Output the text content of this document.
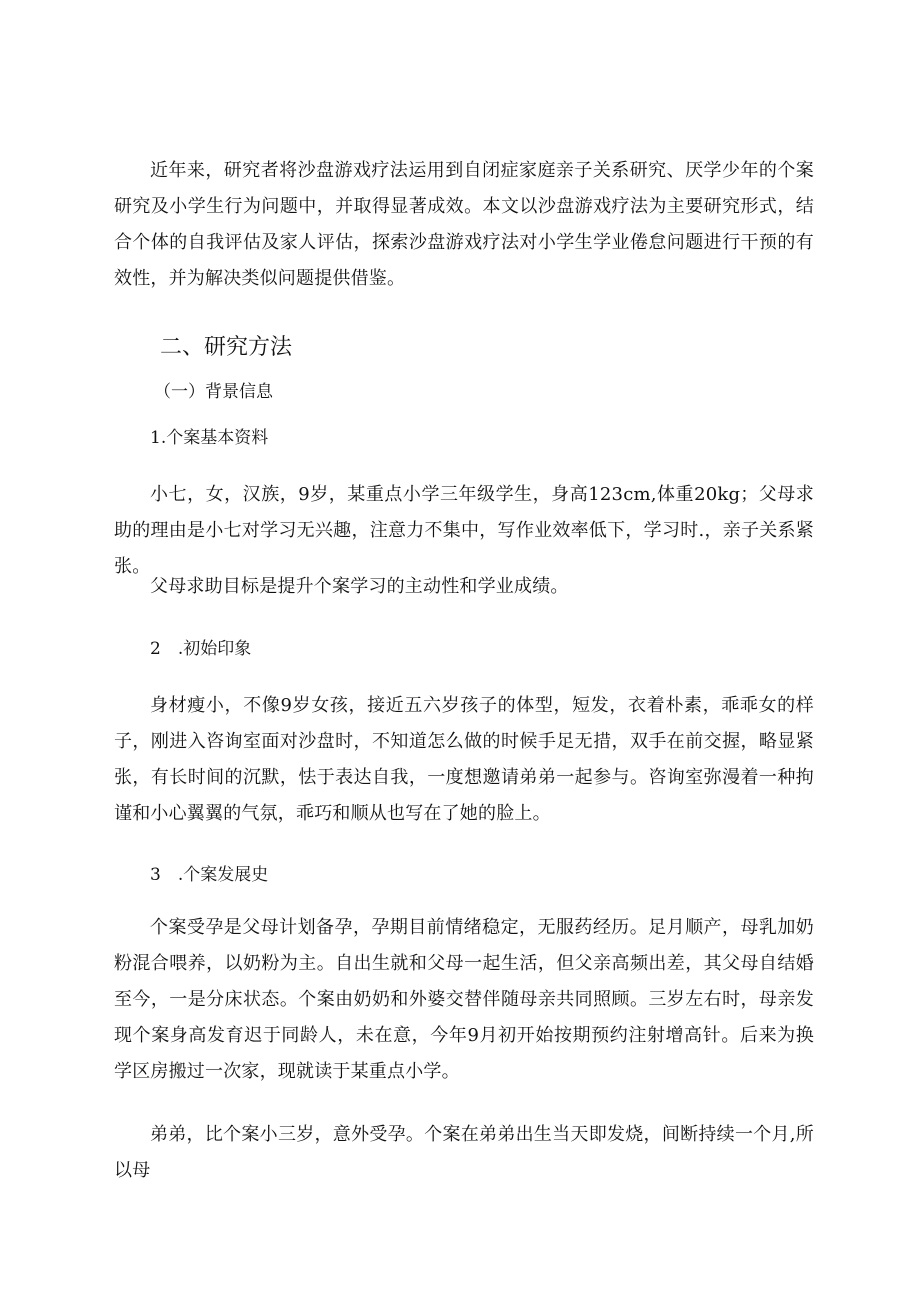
近年来，研究者将沙盘游戏疗法运用到自闭症家庭亲子关系研究、厌学少年的个案研究及小学生行为问题中，并取得显著成效。本文以沙盘游戏疗法为主要研究形式，结合个体的自我评估及家人评估，探索沙盘游戏疗法对小学生学业倦怠问题进行干预的有效性，并为解决类似问题提供借鉴。

二、研究方法
（一）背景信息
1.个案基本资料

小七，女，汉族，9岁，某重点小学三年级学生，身高123cm,体重20kg；父母求助的理由是小七对学习无兴趣，注意力不集中，写作业效率低下，学习时.，亲子关系紧张。

父母求助目标是提升个案学习的主动性和学业成绩。

2 .初始印象

身材瘦小，不像9岁女孩，接近五六岁孩子的体型，短发，衣着朴素，乖乖女的样子，刚进入咨询室面对沙盘时，不知道怎么做的时候手足无措，双手在前交握，略显紧张，有长时间的沉默，怯于表达自我，一度想邀请弟弟一起参与。咨询室弥漫着一种拘谨和小心翼翼的气氛，乖巧和顺从也写在了她的脸上。

3 .个案发展史

个案受孕是父母计划备孕，孕期目前情绪稳定，无服药经历。足月顺产，母乳加奶粉混合喂养，以奶粉为主。自出生就和父母一起生活，但父亲高频出差，其父母自结婚至今，一是分床状态。个案由奶奶和外婆交替伴随母亲共同照顾。三岁左右时，母亲发现个案身高发育迟于同龄人，未在意，今年9月初开始按期预约注射增高针。后来为换学区房搬过一次家，现就读于某重点小学。

弟弟，比个案小三岁，意外受孕。个案在弟弟出生当天即发烧，间断持续一个月,所以母
